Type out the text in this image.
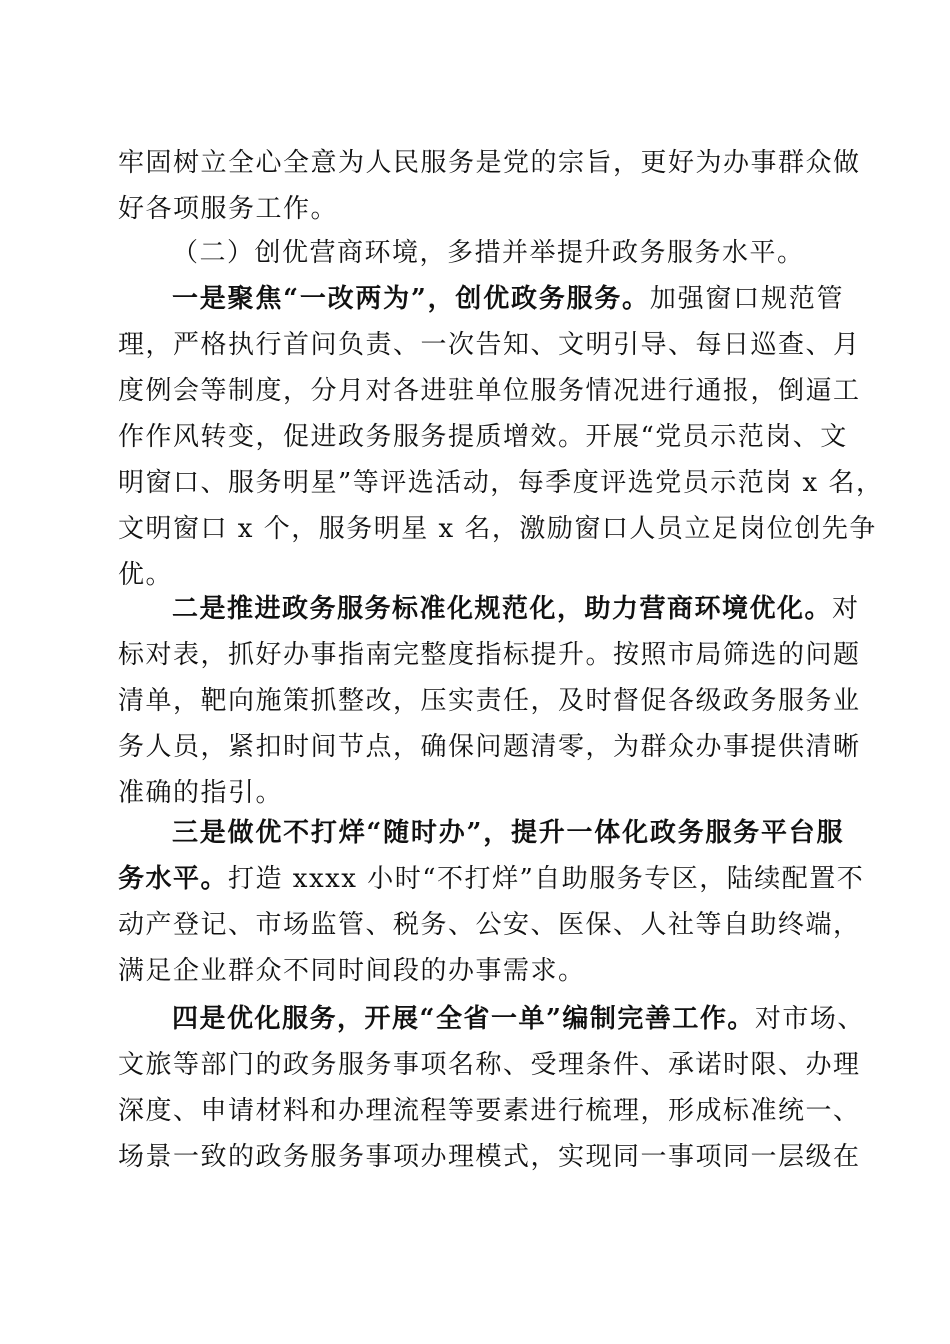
牢固树立全心全意为人民服务是党的宗旨，更好为办事群众做
好各项服务工作。
（二）创优营商环境，多措并举提升政务服务水平。
一是聚焦“一改两为”，创优政务服务。加强窗口规范管
理，严格执行首问负责、一次告知、文明引导、每日巡查、月
度例会等制度，分月对各进驻单位服务情况进行通报，倒逼工
作作风转变，促进政务服务提质增效。开展“党员示范岗、文
明窗口、服务明星”等评选活动，每季度评选党员示范岗 x 名，
文明窗口 x 个，服务明星 x 名，激励窗口人员立足岗位创先争
优。
二是推进政务服务标准化规范化，助力营商环境优化。对
标对表，抓好办事指南完整度指标提升。按照市局筛选的问题
清单，靶向施策抓整改，压实责任，及时督促各级政务服务业
务人员，紧扣时间节点，确保问题清零，为群众办事提供清晰
准确的指引。
三是做优不打烊“随时办”，提升一体化政务服务平台服
务水平。打造 xxxx 小时“不打烊”自助服务专区，陆续配置不
动产登记、市场监管、税务、公安、医保、人社等自助终端，
满足企业群众不同时间段的办事需求。
四是优化服务，开展“全省一单”编制完善工作。对市场、
文旅等部门的政务服务事项名称、受理条件、承诺时限、办理
深度、申请材料和办理流程等要素进行梳理，形成标准统一、
场景一致的政务服务事项办理模式，实现同一事项同一层级在
